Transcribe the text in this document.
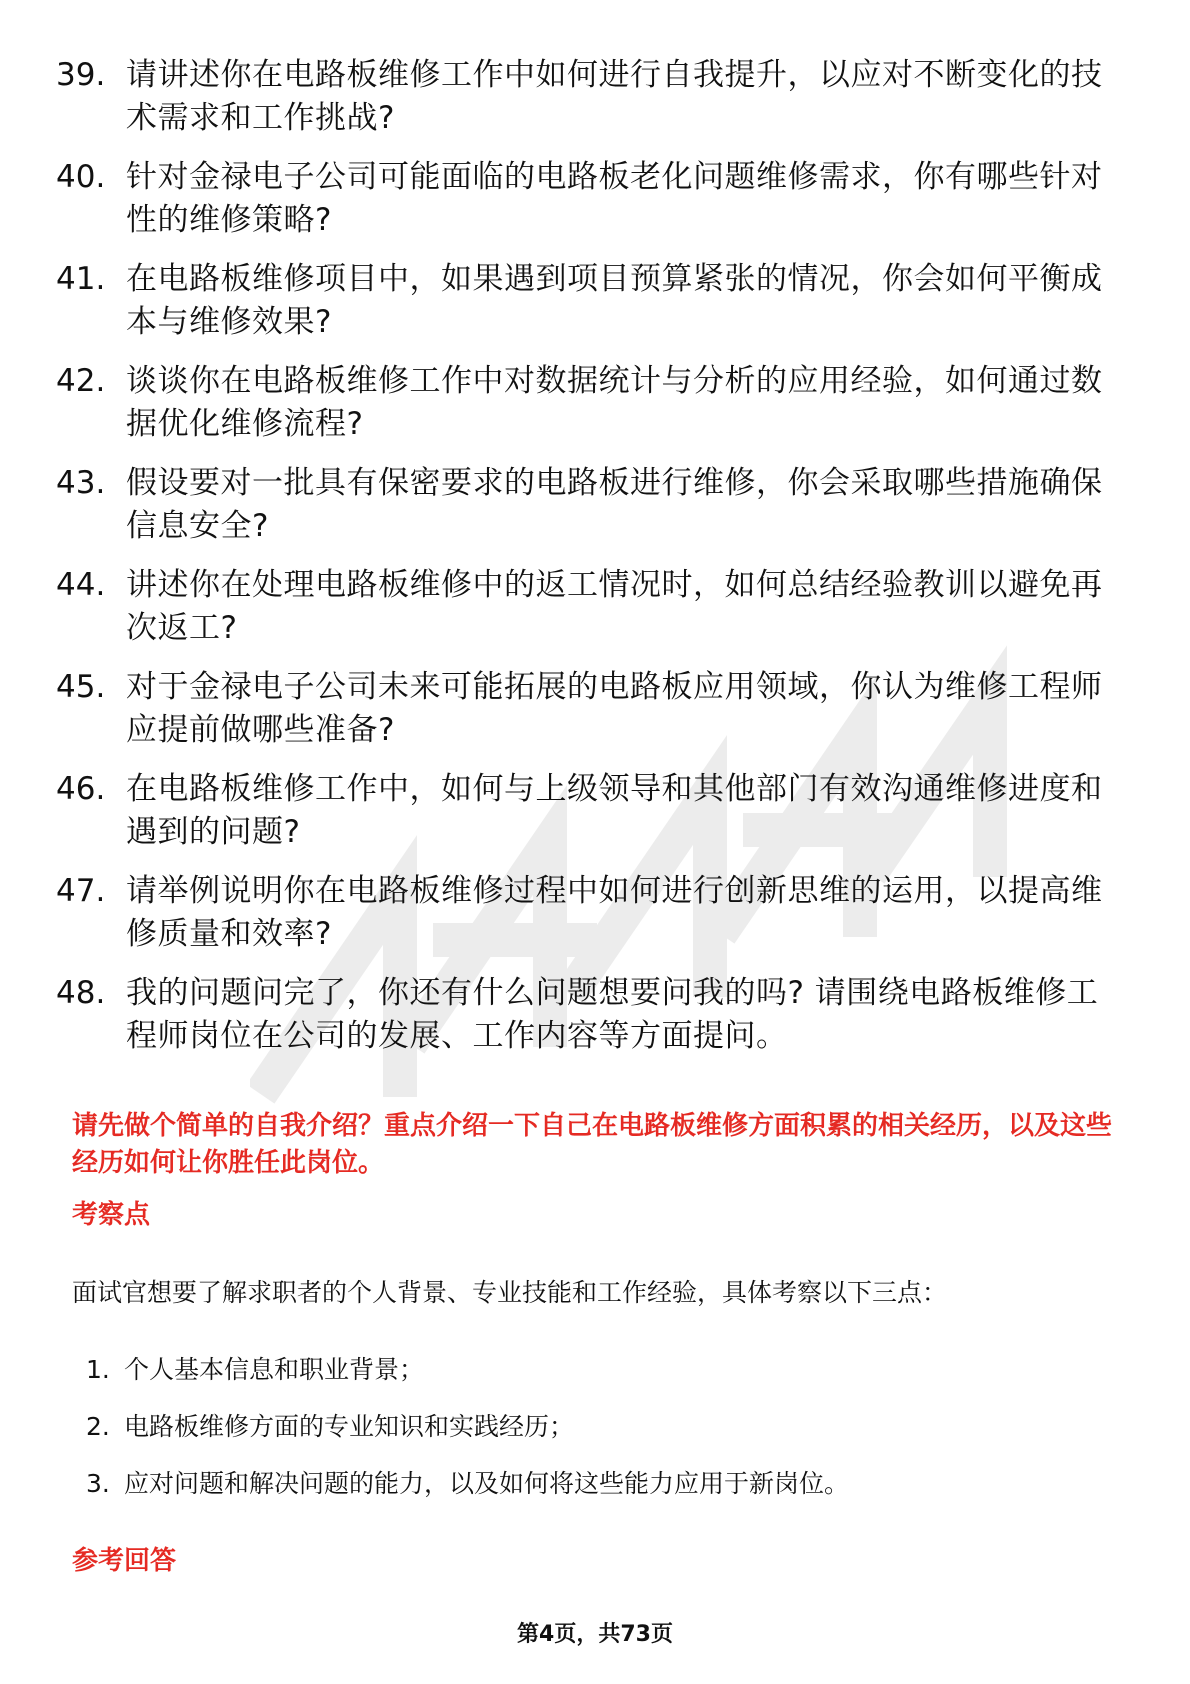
39. 请讲述你在电路板维修工作中如何进行自我提升，以应对不断变化的技术需求和工作挑战?
40. 针对金禄电子公司可能面临的电路板老化问题维修需求，你有哪些针对性的维修策略?
41. 在电路板维修项目中，如果遇到项目预算紧张的情况，你会如何平衡成本与维修效果?
42. 谈谈你在电路板维修工作中对数据统计与分析的应用经验，如何通过数据优化维修流程?
43. 假设要对一批具有保密要求的电路板进行维修，你会采取哪些措施确保信息安全?
44. 讲述你在处理电路板维修中的返工情况时，如何总结经验教训以避免再次返工?
45. 对于金禄电子公司未来可能拓展的电路板应用领域，你认为维修工程师应提前做哪些准备?
46. 在电路板维修工作中，如何与上级领导和其他部门有效沟通维修进度和遇到的问题?
47. 请举例说明你在电路板维修过程中如何进行创新思维的运用，以提高维修质量和效率?
48. 我的问题问完了，你还有什么问题想要问我的吗? 请围绕电路板维修工程师岗位在公司的发展、工作内容等方面提问。
请先做个简单的自我介绍？重点介绍一下自己在电路板维修方面积累的相关经历，以及这些经历如何让你胜任此岗位。
考察点
面试官想要了解求职者的个人背景、专业技能和工作经验，具体考察以下三点：
1. 个人基本信息和职业背景；
2. 电路板维修方面的专业知识和实践经历；
3. 应对问题和解决问题的能力，以及如何将这些能力应用于新岗位。
参考回答
第4页，共73页
